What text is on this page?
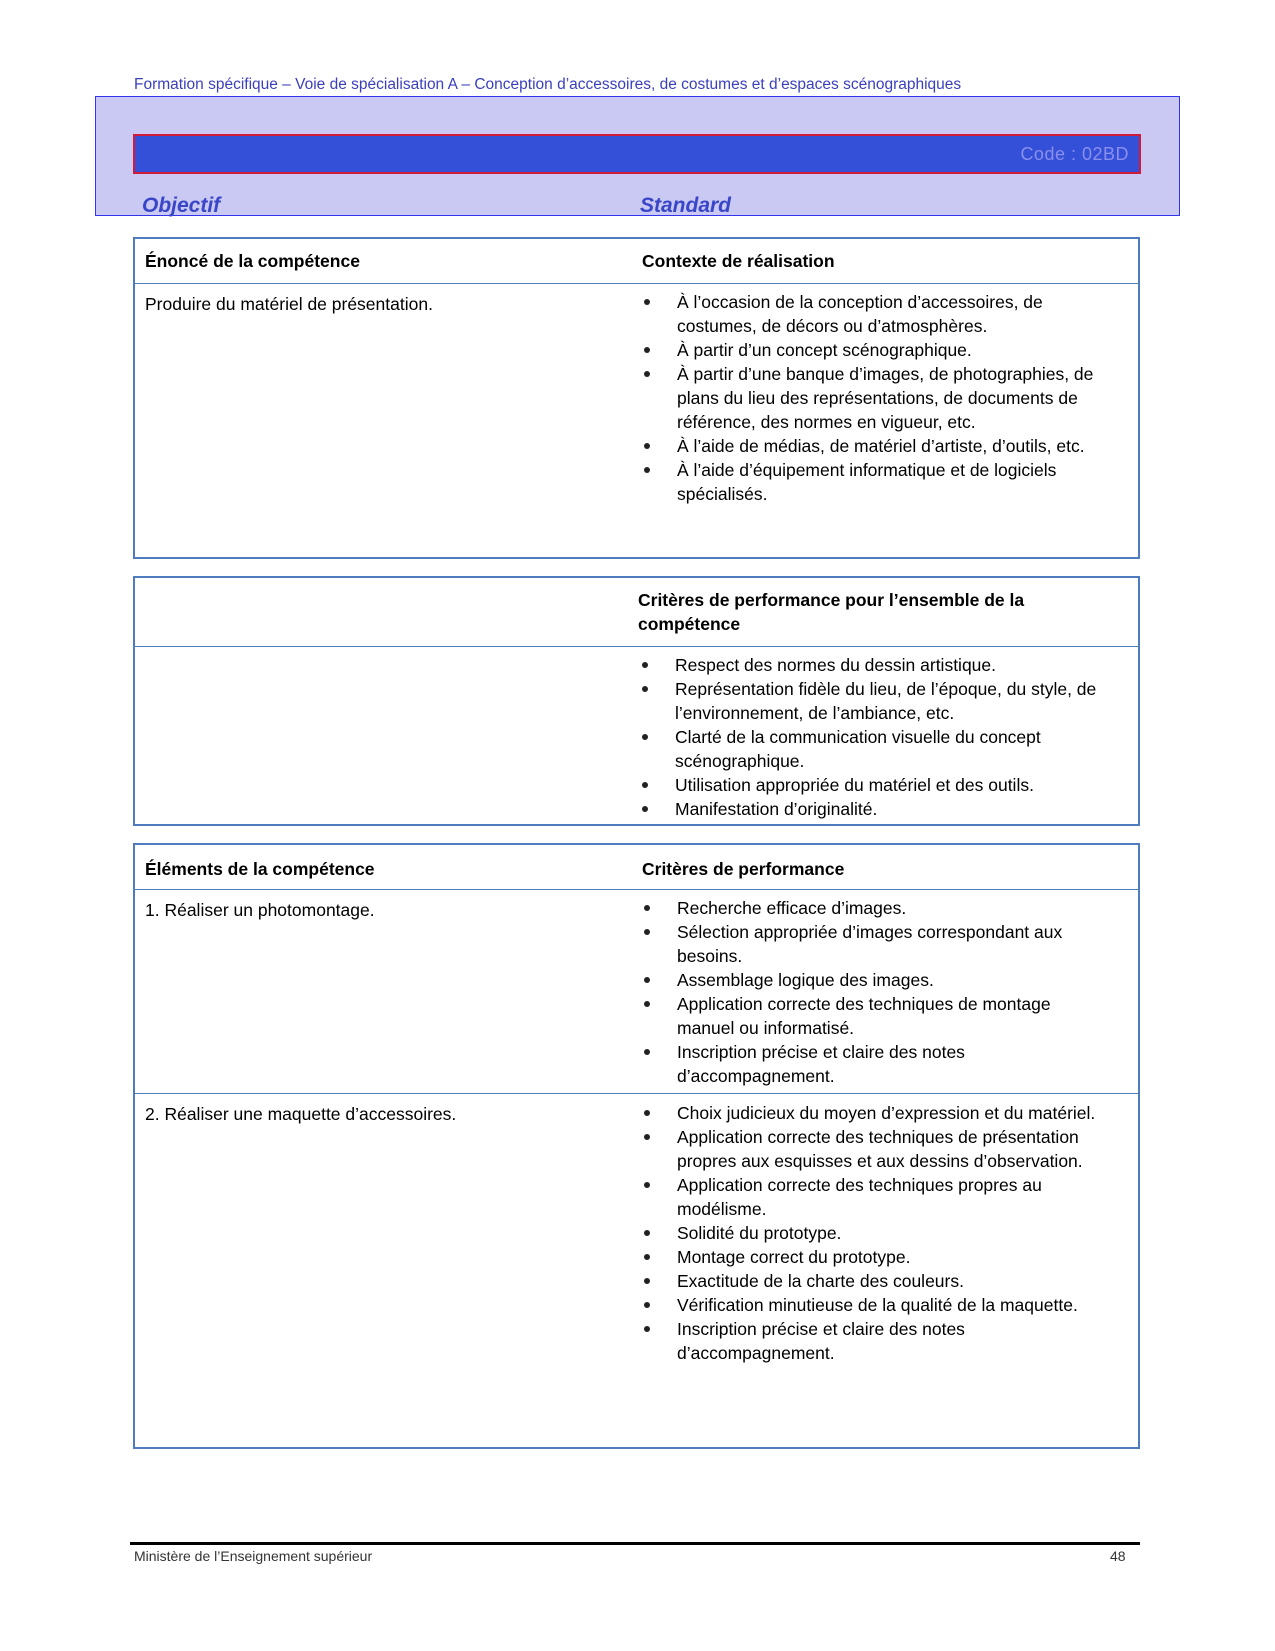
Formation spécifique – Voie de spécialisation A – Conception d’accessoires, de costumes et d’espaces scénographiques
Code : 02BD
Objectif	Standard
Énoncé de la compétence	Contexte de réalisation
Produire du matériel de présentation.	À l’occasion de la conception d’accessoires, de costumes, de décors ou d’atmosphères.
À partir d’un concept scénographique.
À partir d’une banque d’images, de photographies, de plans du lieu des représentations, de documents de référence, des normes en vigueur, etc.
À l’aide de médias, de matériel d’artiste, d’outils, etc.
À l’aide d’équipement informatique et de logiciels spécialisés.
Critères de performance pour l’ensemble de la compétence
Respect des normes du dessin artistique.
Représentation fidèle du lieu, de l’époque, du style, de l’environnement, de l’ambiance, etc.
Clarté de la communication visuelle du concept scénographique.
Utilisation appropriée du matériel et des outils.
Manifestation d’originalité.
Éléments de la compétence	Critères de performance
1. Réaliser un photomontage.	Recherche efficace d’images.
Sélection appropriée d’images correspondant aux besoins.
Assemblage logique des images.
Application correcte des techniques de montage manuel ou informatisé.
Inscription précise et claire des notes d’accompagnement.
2. Réaliser une maquette d’accessoires.	Choix judicieux du moyen d’expression et du matériel.
Application correcte des techniques de présentation propres aux esquisses et aux dessins d’observation.
Application correcte des techniques propres au modélisme.
Solidité du prototype.
Montage correct du prototype.
Exactitude de la charte des couleurs.
Vérification minutieuse de la qualité de la maquette.
Inscription précise et claire des notes d’accompagnement.
Ministère de l’Enseignement supérieur	48
